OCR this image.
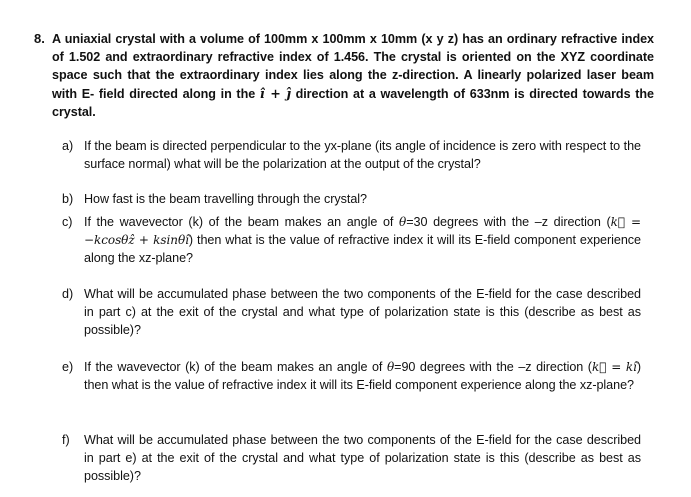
8. A uniaxial crystal with a volume of 100mm x 100mm x 10mm (x y z) has an ordinary refractive index of 1.502 and extraordinary refractive index of 1.456. The crystal is oriented on the XYZ coordinate space such that the extraordinary index lies along the z-direction. A linearly polarized laser beam with E- field directed along in the î + ĵ direction at a wavelength of 633nm is directed towards the crystal.
a) If the beam is directed perpendicular to the yx-plane (its angle of incidence is zero with respect to the surface normal) what will be the polarization at the output of the crystal?
b) How fast is the beam travelling through the crystal?
c) If the wavevector (k) of the beam makes an angle of θ=30 degrees with the –z direction (k⃗ = −kcosθẑ + ksinθî) then what is the value of refractive index it will its E-field component experience along the xz-plane?
d) What will be accumulated phase between the two components of the E-field for the case described in part c) at the exit of the crystal and what type of polarization state is this (describe as best as possible)?
e) If the wavevector (k) of the beam makes an angle of θ=90 degrees with the –z direction (k⃗ = kî) then what is the value of refractive index it will its E-field component experience along the xz-plane?
f) What will be accumulated phase between the two components of the E-field for the case described in part e) at the exit of the crystal and what type of polarization state is this (describe as best as possible)?
